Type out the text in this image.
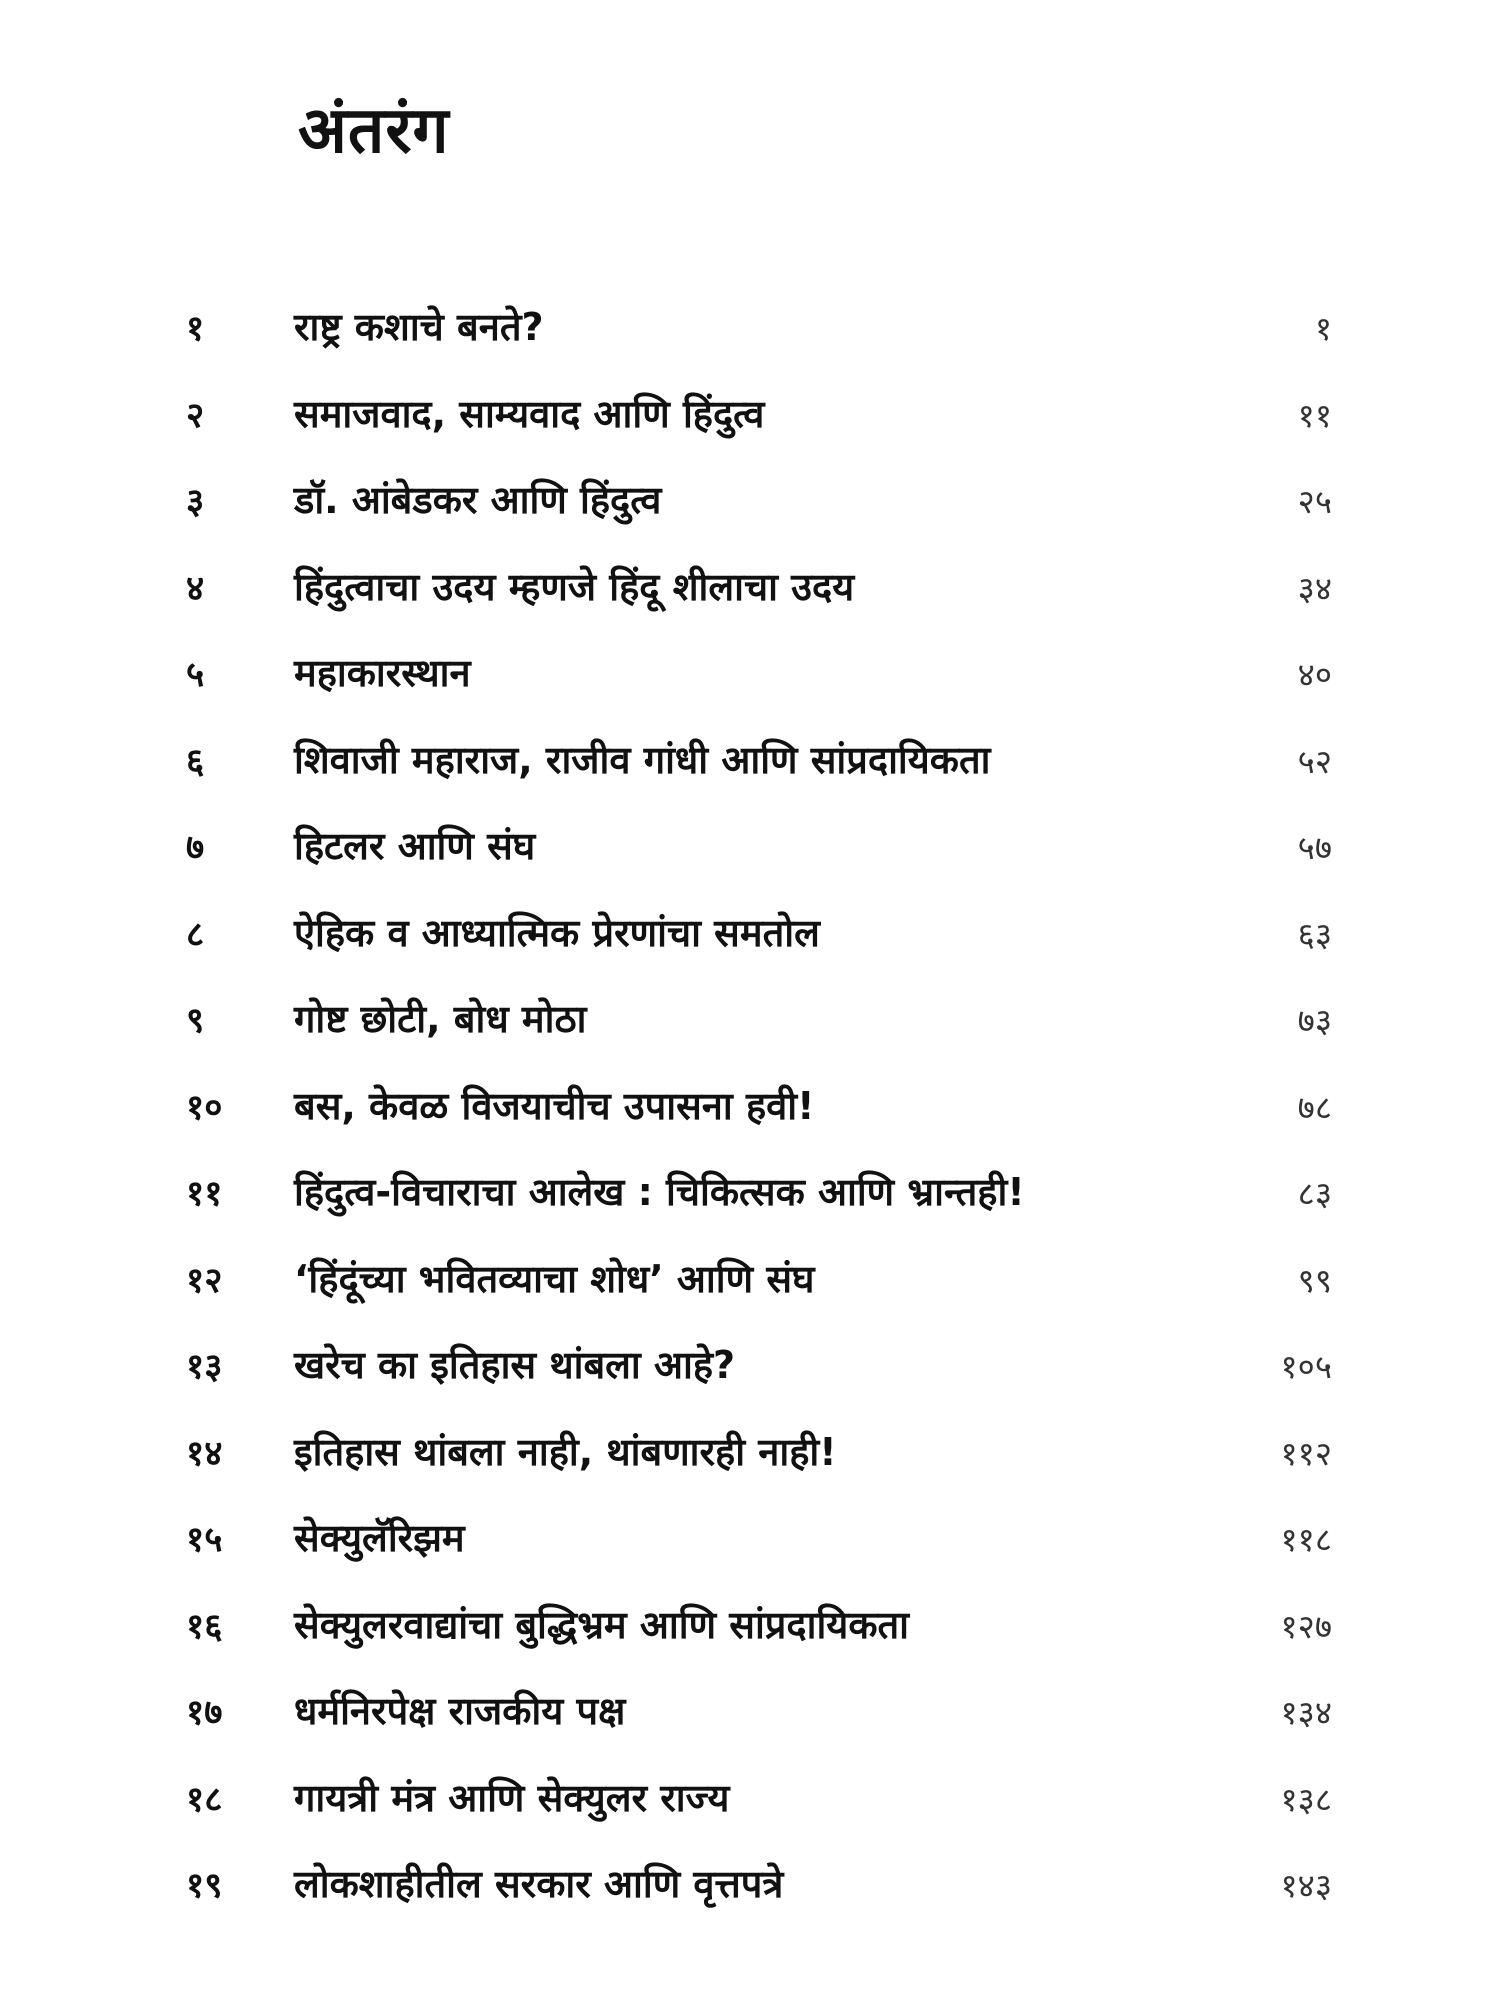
अंतरंग
१ राष्ट्र कशाचे बनते?	१
२ समाजवाद, साम्यवाद आणि हिंदुत्व	११
३ डॉ. आंबेडकर आणि हिंदुत्व	२५
४ हिंदुत्वाचा उदय म्हणजे हिंदू शीलाचा उदय	३४
५ महाकारस्थान	४०
६ शिवाजी महाराज, राजीव गांधी आणि सांप्रदायिकता	५२
७ हिटलर आणि संघ	५७
८ ऐहिक व आध्यात्मिक प्रेरणांचा समतोल	६३
९ गोष्ट छोटी, बोध मोठा	७३
१० बस, केवळ विजयाचीच उपासना हवी!	७८
११ हिंदुत्व-विचाराचा आलेख : चिकित्सक आणि भ्रान्तही!	८३
१२ ‘हिंदूंच्या भवितव्याचा शोध’ आणि संघ	९९
१३ खरेच का इतिहास थांबला आहे?	१०५
१४ इतिहास थांबला नाही, थांबणारही नाही!	११२
१५ सेक्युलॅरिझम	११८
१६ सेक्युलरवाद्यांचा बुद्धिभ्रम आणि सांप्रदायिकता	१२७
१७ धर्मनिरपेक्ष राजकीय पक्ष	१३४
१८ गायत्री मंत्र आणि सेक्युलर राज्य	१३८
१९ लोकशाहीतील सरकार आणि वृत्तपत्रे	१४३
